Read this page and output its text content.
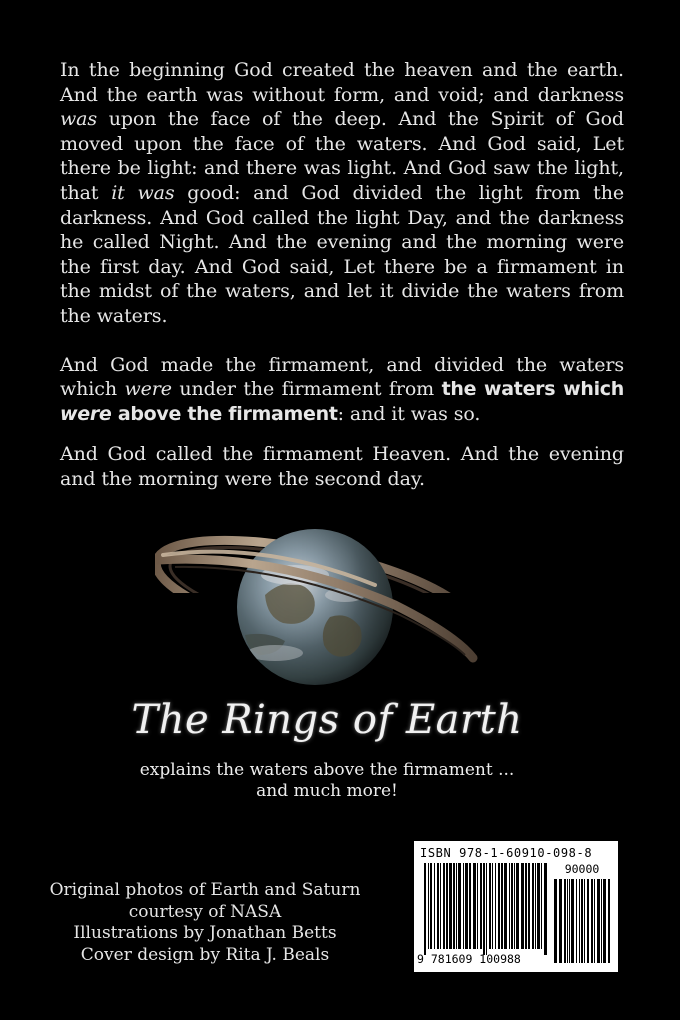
In the beginning God created the heaven and the earth. And the earth was without form, and void; and darkness was upon the face of the deep. And the Spirit of God moved upon the face of the waters. And God said, Let there be light: and there was light. And God saw the light, that it was good: and God divided the light from the darkness. And God called the light Day, and the darkness he called Night. And the evening and the morning were the first day. And God said, Let there be a firmament in the midst of the waters, and let it divide the waters from the waters.

And God made the firmament, and divided the waters which were under the firmament from the waters which were above the firmament: and it was so.

And God called the firmament Heaven. And the evening and the morning were the second day.

The Rings of Earth
explains the waters above the firmament ...
and much more!
Original photos of Earth and Saturn
courtesy of NASA
Illustrations by Jonathan Betts
Cover design by Rita J. Beals
ISBN 978-1-60910-098-8
9 781609 100988
90000
